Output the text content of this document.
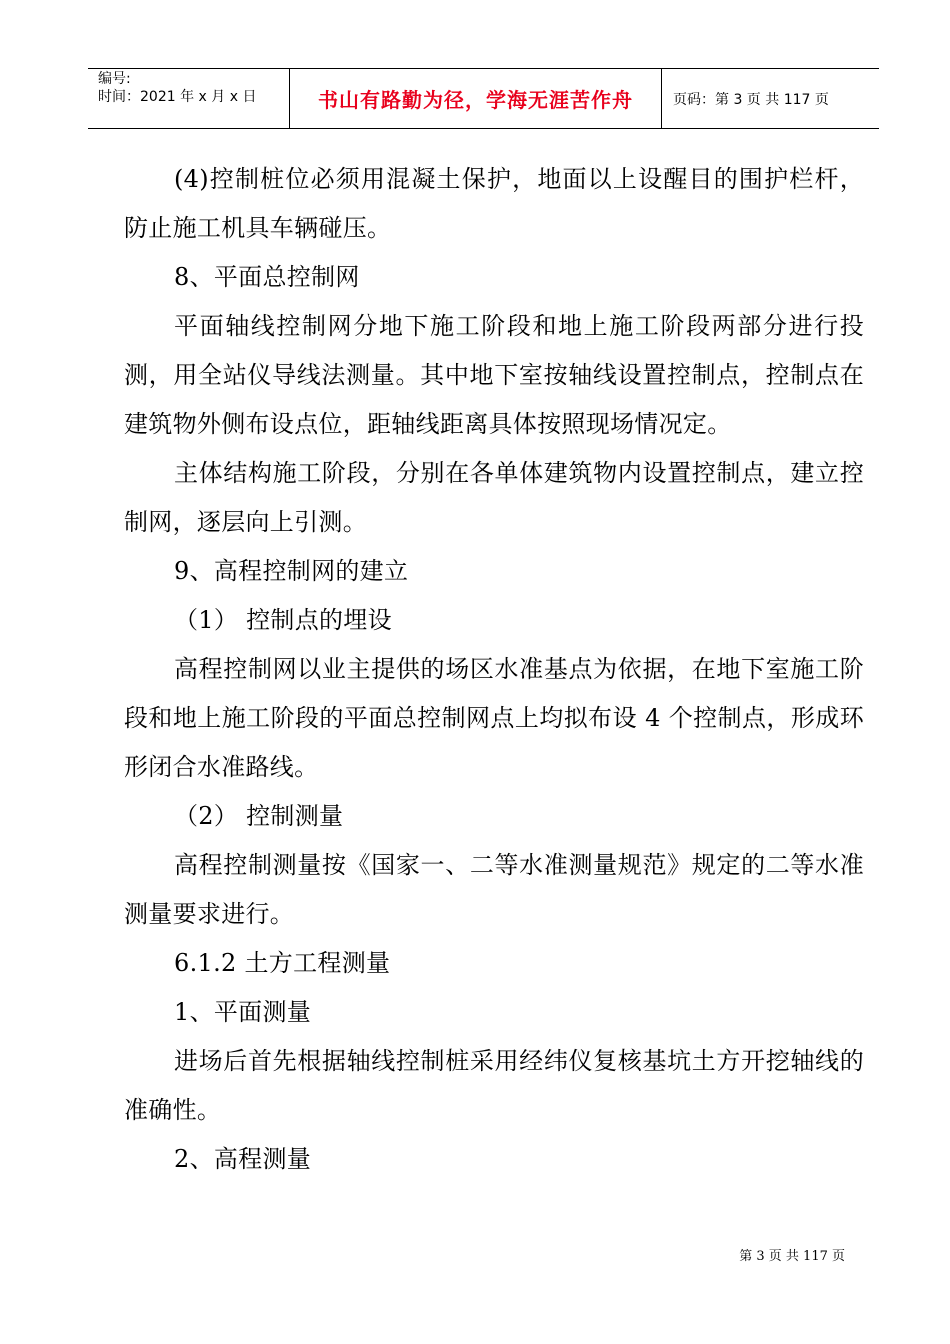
编号:
时间：2021 年 x 月 x 日	书山有路勤为径，学海无涯苦作舟	页码：第 3 页 共 117 页

(4)控制桩位必须用混凝土保护，地面以上设醒目的围护栏杆，防止施工机具车辆碰压。

8、平面总控制网

平面轴线控制网分地下施工阶段和地上施工阶段两部分进行投测，用全站仪导线法测量。其中地下室按轴线设置控制点，控制点在建筑物外侧布设点位，距轴线距离具体按照现场情况定。

主体结构施工阶段，分别在各单体建筑物内设置控制点，建立控制网，逐层向上引测。

9、高程控制网的建立

（1） 控制点的埋设

高程控制网以业主提供的场区水准基点为依据，在地下室施工阶段和地上施工阶段的平面总控制网点上均拟布设 4 个控制点，形成环形闭合水准路线。

（2） 控制测量

高程控制测量按《国家一、二等水准测量规范》规定的二等水准测量要求进行。

6.1.2 土方工程测量

1、平面测量

进场后首先根据轴线控制桩采用经纬仪复核基坑土方开挖轴线的准确性。

2、高程测量

第 3 页 共 117 页
